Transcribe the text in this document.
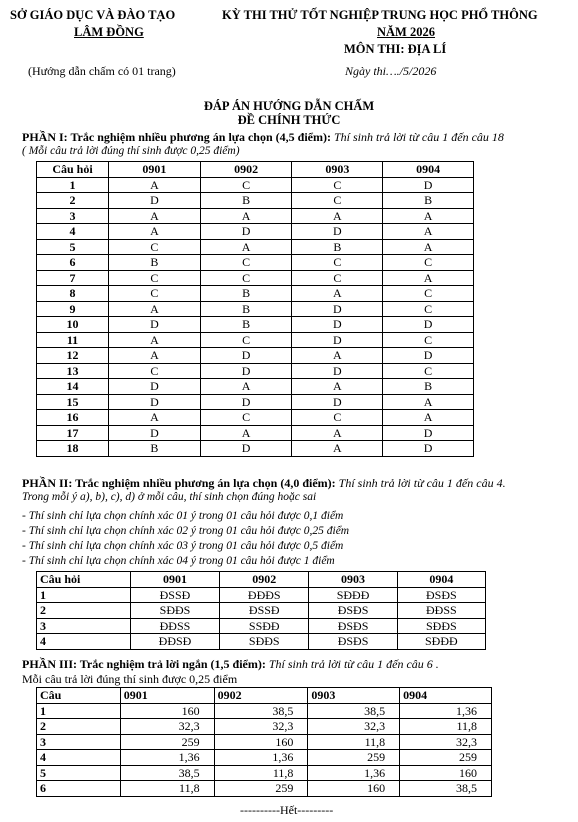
SỞ GIÁO DỤC VÀ ĐÀO TẠO
LÂM ĐỒNG
KỲ THI THỬ TỐT NGHIỆP TRUNG HỌC PHỔ THÔNG
NĂM 2026
MÔN THI: ĐỊA LÍ
(Hướng dẫn chấm có 01 trang)	Ngày thi…./5/2026
ĐÁP ÁN HƯỚNG DẪN CHẤM
ĐỀ CHÍNH THỨC
PHẦN I: Trắc nghiệm nhiều phương án lựa chọn (4,5 điểm): Thí sinh trả lời từ câu 1 đến câu 18
( Mỗi câu trả lời đúng thí sinh được 0,25 điểm)
Câu hỏi	0901	0902	0903	0904
1	A	C	C	D
2	D	B	C	B
3	A	A	A	A
4	A	D	D	A
5	C	A	B	A
6	B	C	C	C
7	C	C	C	A
8	C	B	A	C
9	A	B	D	C
10	D	B	D	D
11	A	C	D	C
12	A	D	A	D
13	C	D	D	C
14	D	A	A	B
15	D	D	D	A
16	A	C	C	A
17	D	A	A	D
18	B	D	A	D
PHẦN II: Trắc nghiệm nhiều phương án lựa chọn (4,0 điểm): Thí sinh trả lời từ câu 1 đến câu 4.
Trong mỗi ý a), b), c), d) ở mỗi câu, thí sinh chọn đúng hoặc sai
- Thí sinh chỉ lựa chọn chính xác 01 ý trong 01 câu hỏi được 0,1 điểm
- Thí sinh chỉ lựa chọn chính xác 02 ý trong 01 câu hỏi được 0,25 điểm
- Thí sinh chỉ lựa chọn chính xác 03 ý trong 01 câu hỏi được 0,5 điểm
- Thí sinh chỉ lựa chọn chính xác 04 ý trong 01 câu hỏi được 1 điểm
Câu hỏi	0901	0902	0903	0904
1	ĐSSĐ	ĐĐĐS	SĐĐĐ	ĐSĐS
2	SĐĐS	ĐSSĐ	ĐSĐS	ĐĐSS
3	ĐĐSS	SSĐĐ	ĐSĐS	SĐĐS
4	ĐĐSĐ	SĐĐS	ĐSĐS	SĐĐĐ
PHẦN III: Trắc nghiệm trả lời ngắn (1,5 điểm): Thí sinh trả lời từ câu 1 đến câu 6 .
Mỗi câu trả lời đúng thí sinh được 0,25 điểm
Câu	0901	0902	0903	0904
1	160	38,5	38,5	1,36
2	32,3	32,3	32,3	11,8
3	259	160	11,8	32,3
4	1,36	1,36	259	259
5	38,5	11,8	1,36	160
6	11,8	259	160	38,5
----------Hết---------
